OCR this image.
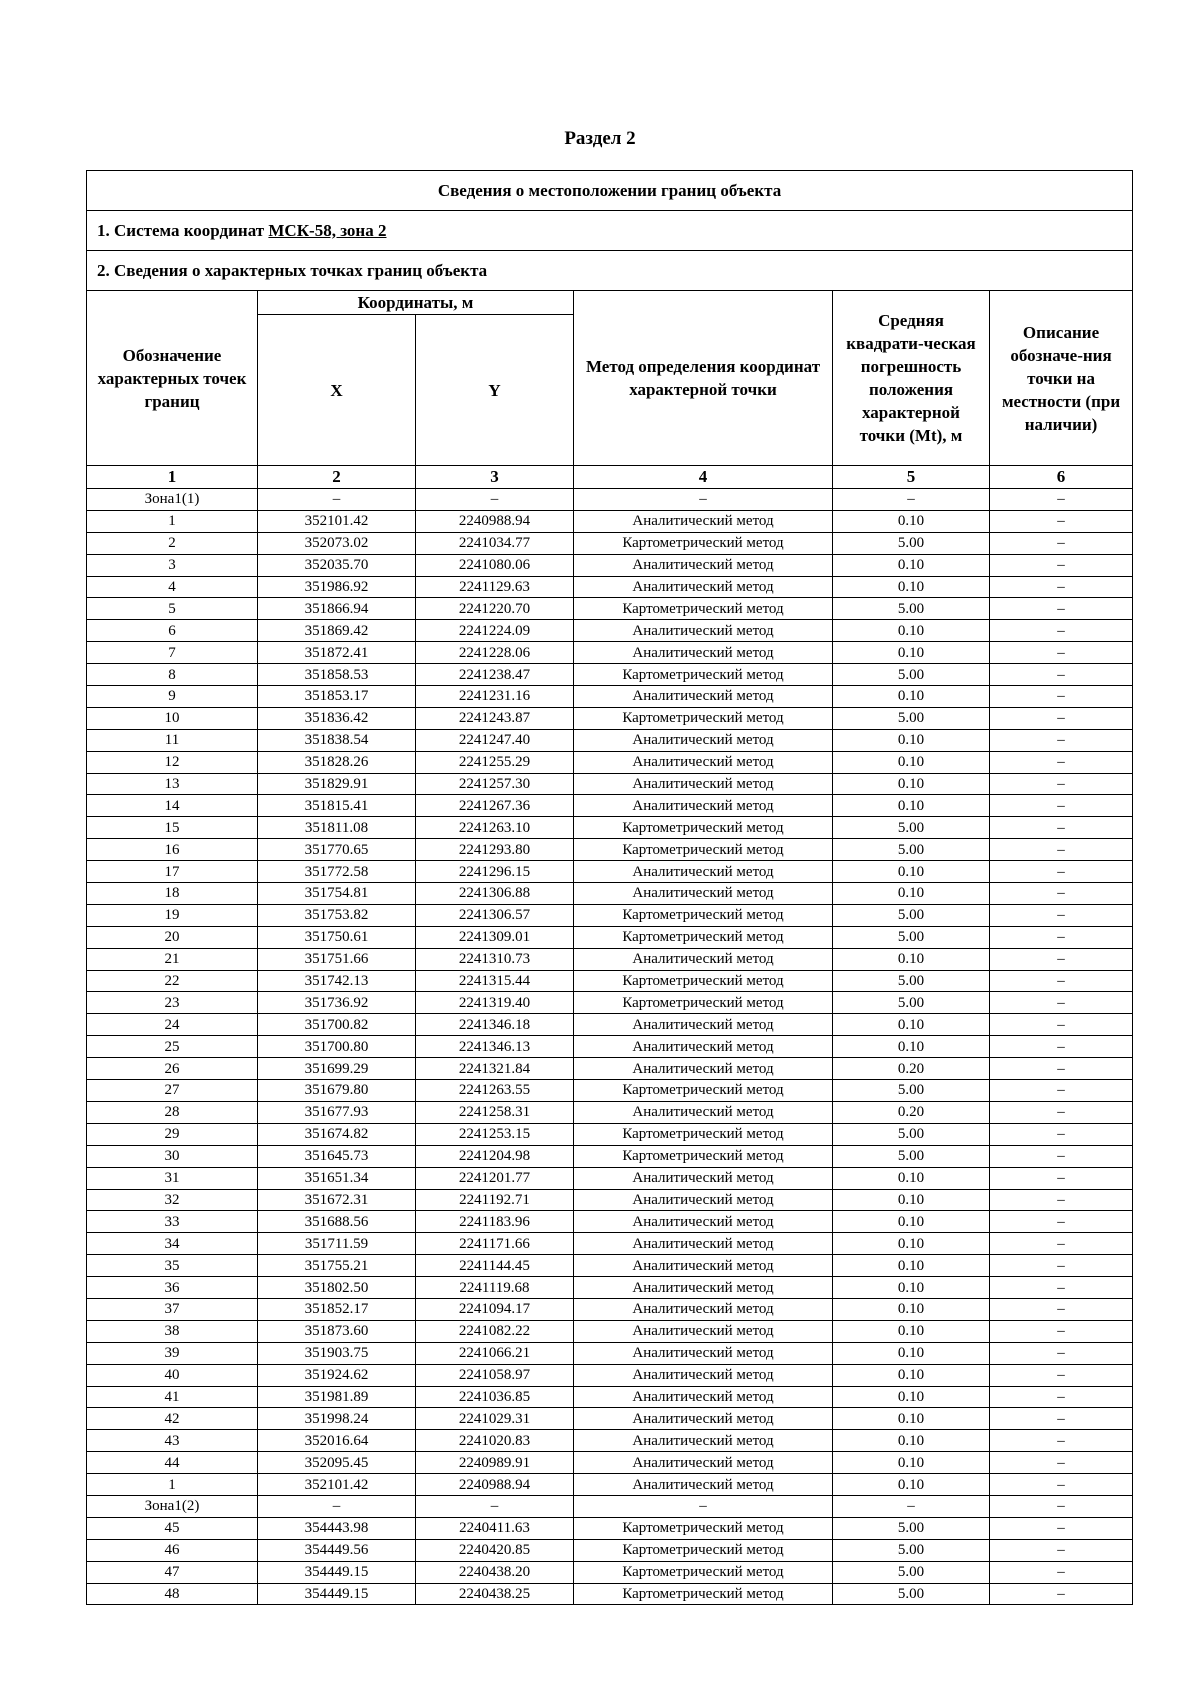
Раздел 2
Сведения о местоположении границ объекта					
1. Система координат МСК-58, зона 2					
2. Сведения о характерных точках границ объекта					
Обозначение характерных точек границ	Координаты, м		Метод определения координат характерной точки	Средняя квадрати-ческая погрешность положения характерной точки (Mt), м	Описание обозначе-ния точки на местности (при наличии)
	X	Y			
1	2	3	4	5	6
Зона1(1)	–	–	–	–	–
1	352101.42	2240988.94	Аналитический метод	0.10	–
2	352073.02	2241034.77	Картометрический метод	5.00	–
3	352035.70	2241080.06	Аналитический метод	0.10	–
4	351986.92	2241129.63	Аналитический метод	0.10	–
5	351866.94	2241220.70	Картометрический метод	5.00	–
6	351869.42	2241224.09	Аналитический метод	0.10	–
7	351872.41	2241228.06	Аналитический метод	0.10	–
8	351858.53	2241238.47	Картометрический метод	5.00	–
9	351853.17	2241231.16	Аналитический метод	0.10	–
10	351836.42	2241243.87	Картометрический метод	5.00	–
11	351838.54	2241247.40	Аналитический метод	0.10	–
12	351828.26	2241255.29	Аналитический метод	0.10	–
13	351829.91	2241257.30	Аналитический метод	0.10	–
14	351815.41	2241267.36	Аналитический метод	0.10	–
15	351811.08	2241263.10	Картометрический метод	5.00	–
16	351770.65	2241293.80	Картометрический метод	5.00	–
17	351772.58	2241296.15	Аналитический метод	0.10	–
18	351754.81	2241306.88	Аналитический метод	0.10	–
19	351753.82	2241306.57	Картометрический метод	5.00	–
20	351750.61	2241309.01	Картометрический метод	5.00	–
21	351751.66	2241310.73	Аналитический метод	0.10	–
22	351742.13	2241315.44	Картометрический метод	5.00	–
23	351736.92	2241319.40	Картометрический метод	5.00	–
24	351700.82	2241346.18	Аналитический метод	0.10	–
25	351700.80	2241346.13	Аналитический метод	0.10	–
26	351699.29	2241321.84	Аналитический метод	0.20	–
27	351679.80	2241263.55	Картометрический метод	5.00	–
28	351677.93	2241258.31	Аналитический метод	0.20	–
29	351674.82	2241253.15	Картометрический метод	5.00	–
30	351645.73	2241204.98	Картометрический метод	5.00	–
31	351651.34	2241201.77	Аналитический метод	0.10	–
32	351672.31	2241192.71	Аналитический метод	0.10	–
33	351688.56	2241183.96	Аналитический метод	0.10	–
34	351711.59	2241171.66	Аналитический метод	0.10	–
35	351755.21	2241144.45	Аналитический метод	0.10	–
36	351802.50	2241119.68	Аналитический метод	0.10	–
37	351852.17	2241094.17	Аналитический метод	0.10	–
38	351873.60	2241082.22	Аналитический метод	0.10	–
39	351903.75	2241066.21	Аналитический метод	0.10	–
40	351924.62	2241058.97	Аналитический метод	0.10	–
41	351981.89	2241036.85	Аналитический метод	0.10	–
42	351998.24	2241029.31	Аналитический метод	0.10	–
43	352016.64	2241020.83	Аналитический метод	0.10	–
44	352095.45	2240989.91	Аналитический метод	0.10	–
1	352101.42	2240988.94	Аналитический метод	0.10	–
Зона1(2)	–	–	–	–	–
45	354443.98	2240411.63	Картометрический метод	5.00	–
46	354449.56	2240420.85	Картометрический метод	5.00	–
47	354449.15	2240438.20	Картометрический метод	5.00	–
48	354449.15	2240438.25	Картометрический метод	5.00	–
